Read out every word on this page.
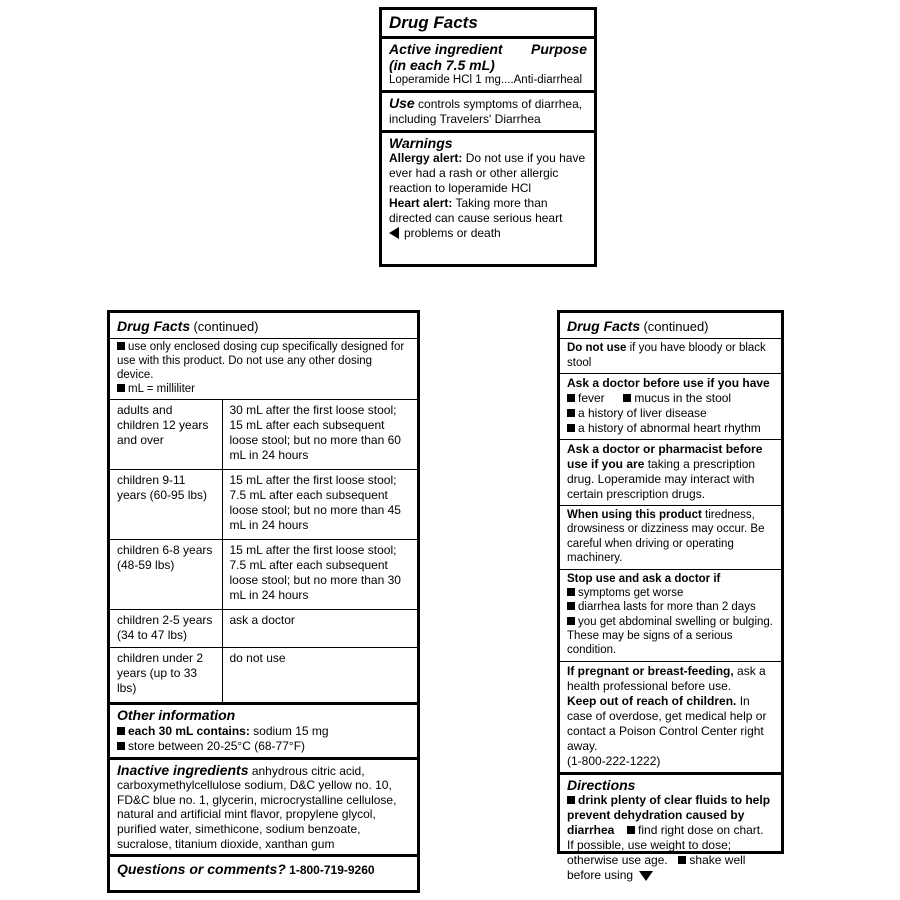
Drug Facts
Active ingredient Purpose
(in each 7.5 mL)
Loperamide HCl 1 mg....Anti-diarrheal
Use controls symptoms of diarrhea, including Travelers' Diarrhea
Warnings
Allergy alert: Do not use if you have ever had a rash or other allergic reaction to loperamide HCl
Heart alert: Taking more than directed can cause serious heart
problems or death
Drug Facts (continued)
use only enclosed dosing cup specifically designed for use with this product. Do not use any other dosing device.
mL = milliliter
adults and children 12 years and over	30 mL after the first loose stool; 15 mL after each subsequent loose stool; but no more than 60 mL in 24 hours
children 9-11 years (60-95 lbs)	15 mL after the first loose stool; 7.5 mL after each subsequent loose stool; but no more than 45 mL in 24 hours
children 6-8 years (48-59 lbs)	15 mL after the first loose stool; 7.5 mL after each subsequent loose stool; but no more than 30 mL in 24 hours
children 2-5 years (34 to 47 lbs)	ask a doctor
children under 2 years (up to 33 lbs)	do not use
Other information
each 30 mL contains: sodium 15 mg
store between 20-25°C (68-77°F)
Inactive ingredients anhydrous citric acid, carboxymethylcellulose sodium, D&C yellow no. 10, FD&C blue no. 1, glycerin, microcrystalline cellulose, natural and artificial mint flavor, propylene glycol, purified water, simethicone, sodium benzoate, sucralose, titanium dioxide, xanthan gum
Questions or comments? 1-800-719-9260
Drug Facts (continued)
Do not use if you have bloody or black stool
Ask a doctor before use if you have
fever mucus in the stool
a history of liver disease
a history of abnormal heart rhythm
Ask a doctor or pharmacist before use if you are taking a prescription drug. Loperamide may interact with certain prescription drugs.
When using this product tiredness, drowsiness or dizziness may occur. Be careful when driving or operating machinery.
Stop use and ask a doctor if
symptoms get worse
diarrhea lasts for more than 2 days
you get abdominal swelling or bulging.
These may be signs of a serious condition.
If pregnant or breast-feeding, ask a health professional before use.
Keep out of reach of children. In case of overdose, get medical help or contact a Poison Control Center right away.
(1-800-222-1222)
Directions
drink plenty of clear fluids to help prevent dehydration caused by diarrhea find right dose on chart.
If possible, use weight to dose; otherwise use age. shake well before using
